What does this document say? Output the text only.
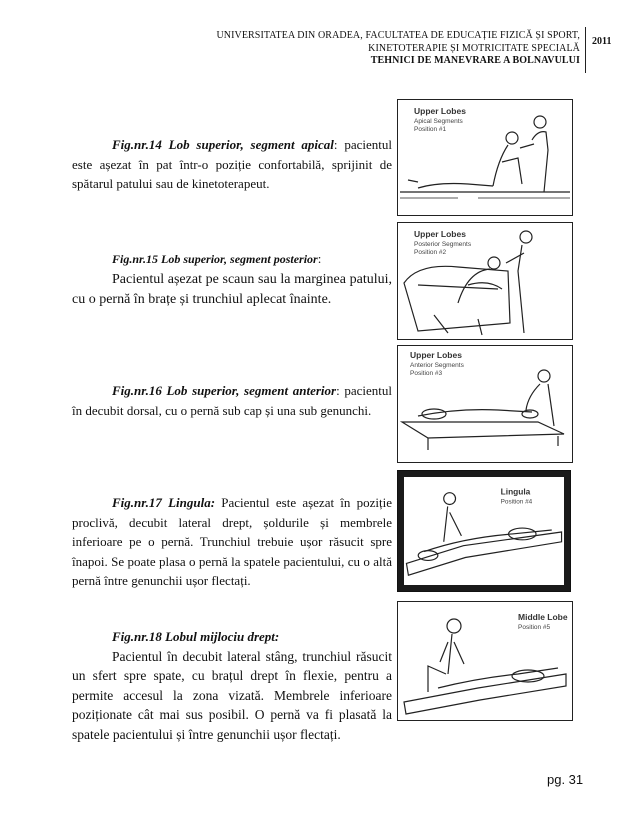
UNIVERSITATEA DIN ORADEA, FACULTATEA DE EDUCAȚIE FIZICĂ ȘI SPORT,
KINETOTERAPIE ȘI MOTRICITATE SPECIALĂ
TEHNICI DE MANEVRARE A BOLNAVULUI
2011

Fig.nr.14 Lob superior, segment apical: pacientul este așezat în pat într-o poziție confortabilă, sprijinit de spătarul patului sau de kinetoterapeut.

Fig.nr.15 Lob superior, segment posterior:

Pacientul așezat pe scaun sau la marginea patului, cu o pernă în brațe și trunchiul aplecat înainte.

Fig.nr.16 Lob superior, segment anterior: pacientul în decubit dorsal, cu o pernă sub cap și una sub genunchi.

Fig.nr.17 Lingula: Pacientul este așezat în poziție proclivă, decubit lateral drept, șoldurile și membrele inferioare pe o pernă. Trunchiul trebuie ușor răsucit spre înapoi. Se poate plasa o pernă la spatele pacientului, cu o altă pernă între genunchii ușor flectați.

Fig.nr.18 Lobul mijlociu drept:

Pacientul în decubit lateral stâng, trunchiul răsucit un sfert spre spate, cu brațul drept în flexie, pentru a permite accesul la zona vizată. Membrele inferioare poziționate cât mai sus posibil. O pernă va fi plasată la spatele pacientului și între genunchii ușor flectați.

Upper Lobes
Apical Segments
Position #1
Upper Lobes
Posterior Segments
Position #2
Upper Lobes
Anterior Segments
Position #3
Lingula
Position #4
Middle Lobe
Position #5
pg. 31
